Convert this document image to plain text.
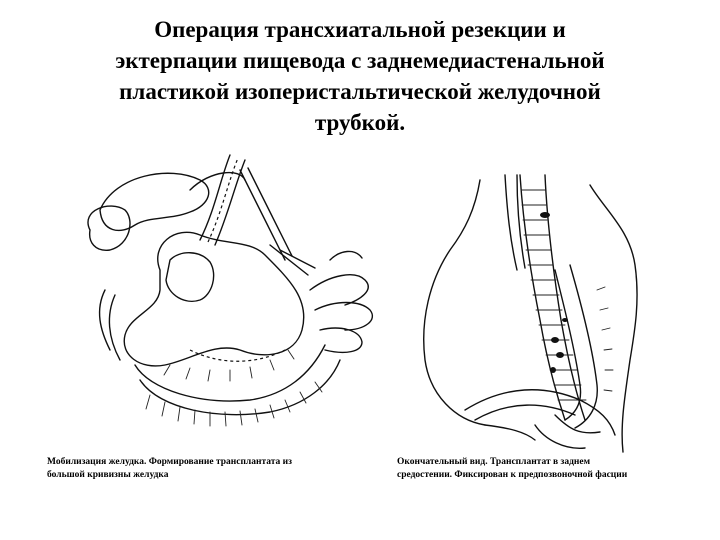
Операция трансхиатальной резекции и
эктерпации пищевода с заднемедиастенальной
пластикой изоперистальтической желудочной
трубкой.
Мобилизация желудка. Формирование трансплантата из
большой кривизны желудка
Окончательный вид. Трансплантат в заднем
средостении. Фиксирован к предпозвоночной фасции
